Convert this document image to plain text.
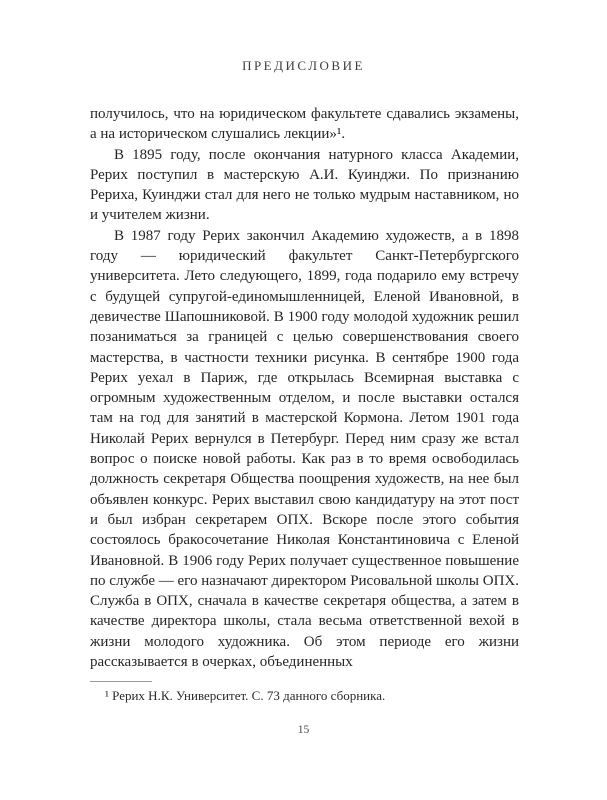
ПРЕДИСЛОВИЕ

получилось, что на юридическом факультете сдавались экзамены, а на историческом слушались лекции»¹.

В 1895 году, после окончания натурного класса Академии, Рерих поступил в мастерскую А.И. Куинджи. По признанию Рериха, Куинджи стал для него не только мудрым наставником, но и учителем жизни.

В 1987 году Рерих закончил Академию художеств, а в 1898 году — юридический факультет Санкт-Петербургского университета. Лето следующего, 1899, года подарило ему встречу с будущей супругой-единомышленницей, Еленой Ивановной, в девичестве Шапошниковой. В 1900 году молодой художник решил позаниматься за границей с целью совершенствования своего мастерства, в частности техники рисунка. В сентябре 1900 года Рерих уехал в Париж, где открылась Всемирная выставка с огромным художественным отделом, и после выставки остался там на год для занятий в мастерской Кормона. Летом 1901 года Николай Рерих вернулся в Петербург. Перед ним сразу же встал вопрос о поиске новой работы. Как раз в то время освободилась должность секретаря Общества поощрения художеств, на нее был объявлен конкурс. Рерих выставил свою кандидатуру на этот пост и был избран секретарем ОПХ. Вскоре после этого события состоялось бракосочетание Николая Константиновича с Еленой Ивановной. В 1906 году Рерих получает существенное повышение по службе — его назначают директором Рисовальной школы ОПХ. Служба в ОПХ, сначала в качестве секретаря общества, а затем в качестве директора школы, стала весьма ответственной вехой в жизни молодого художника. Об этом периоде его жизни рассказывается в очерках, объединенных

¹ Рерих Н.К. Университет. С. 73 данного сборника.
15
